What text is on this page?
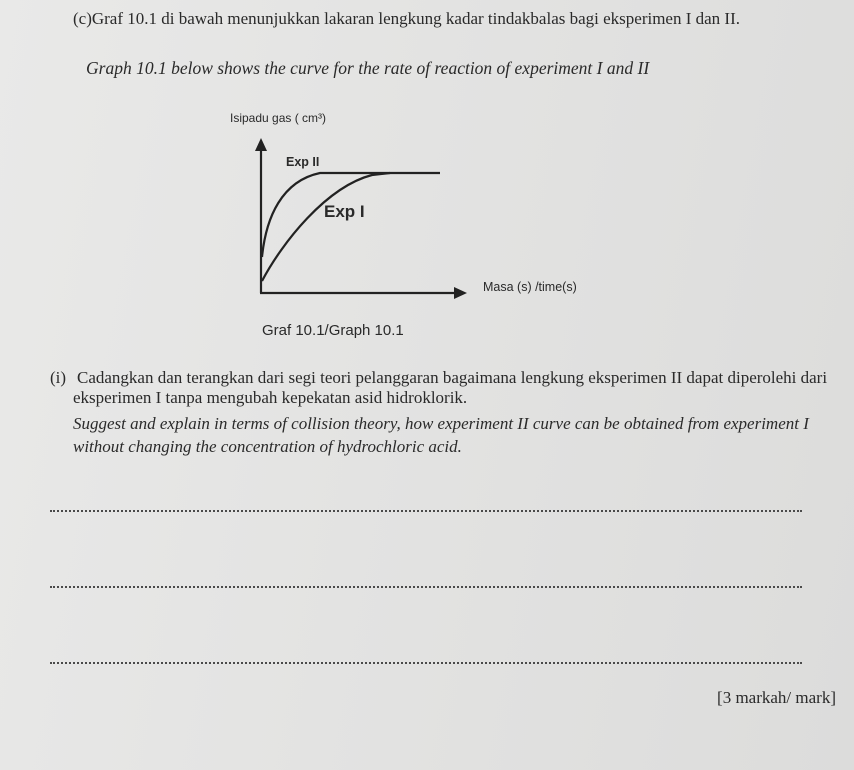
(c)Graf 10.1 di bawah menunjukkan lakaran lengkung kadar tindakbalas bagi eksperimen I dan II.

Graph 10.1 below shows the curve for the rate of reaction of experiment I and II

Isipadu gas ( cm³)
Exp II
Exp I
Masa (s) /time(s)
Graf 10.1/Graph 10.1
(i) Cadangkan dan terangkan dari segi teori pelanggaran bagaimana lengkung eksperimen II dapat diperolehi dari eksperimen I tanpa mengubah kepekatan asid hidroklorik.

Suggest and explain in terms of collision theory, how experiment II curve can be obtained from experiment I without changing the concentration of hydrochloric acid.

[3 markah/ mark]
